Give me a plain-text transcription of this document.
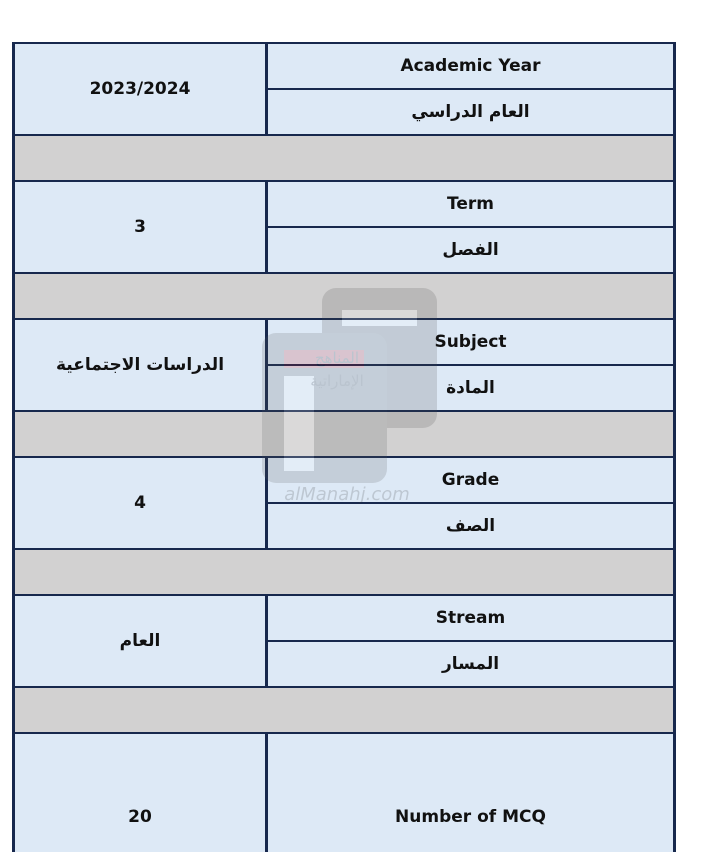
2023/2024
Academic Year
العام الدراسي
3
Term
الفصل
الدراسات الاجتماعية
Subject
المادة
4
Grade
الصف
العام
Stream
المسار
20	Number of MCQ
